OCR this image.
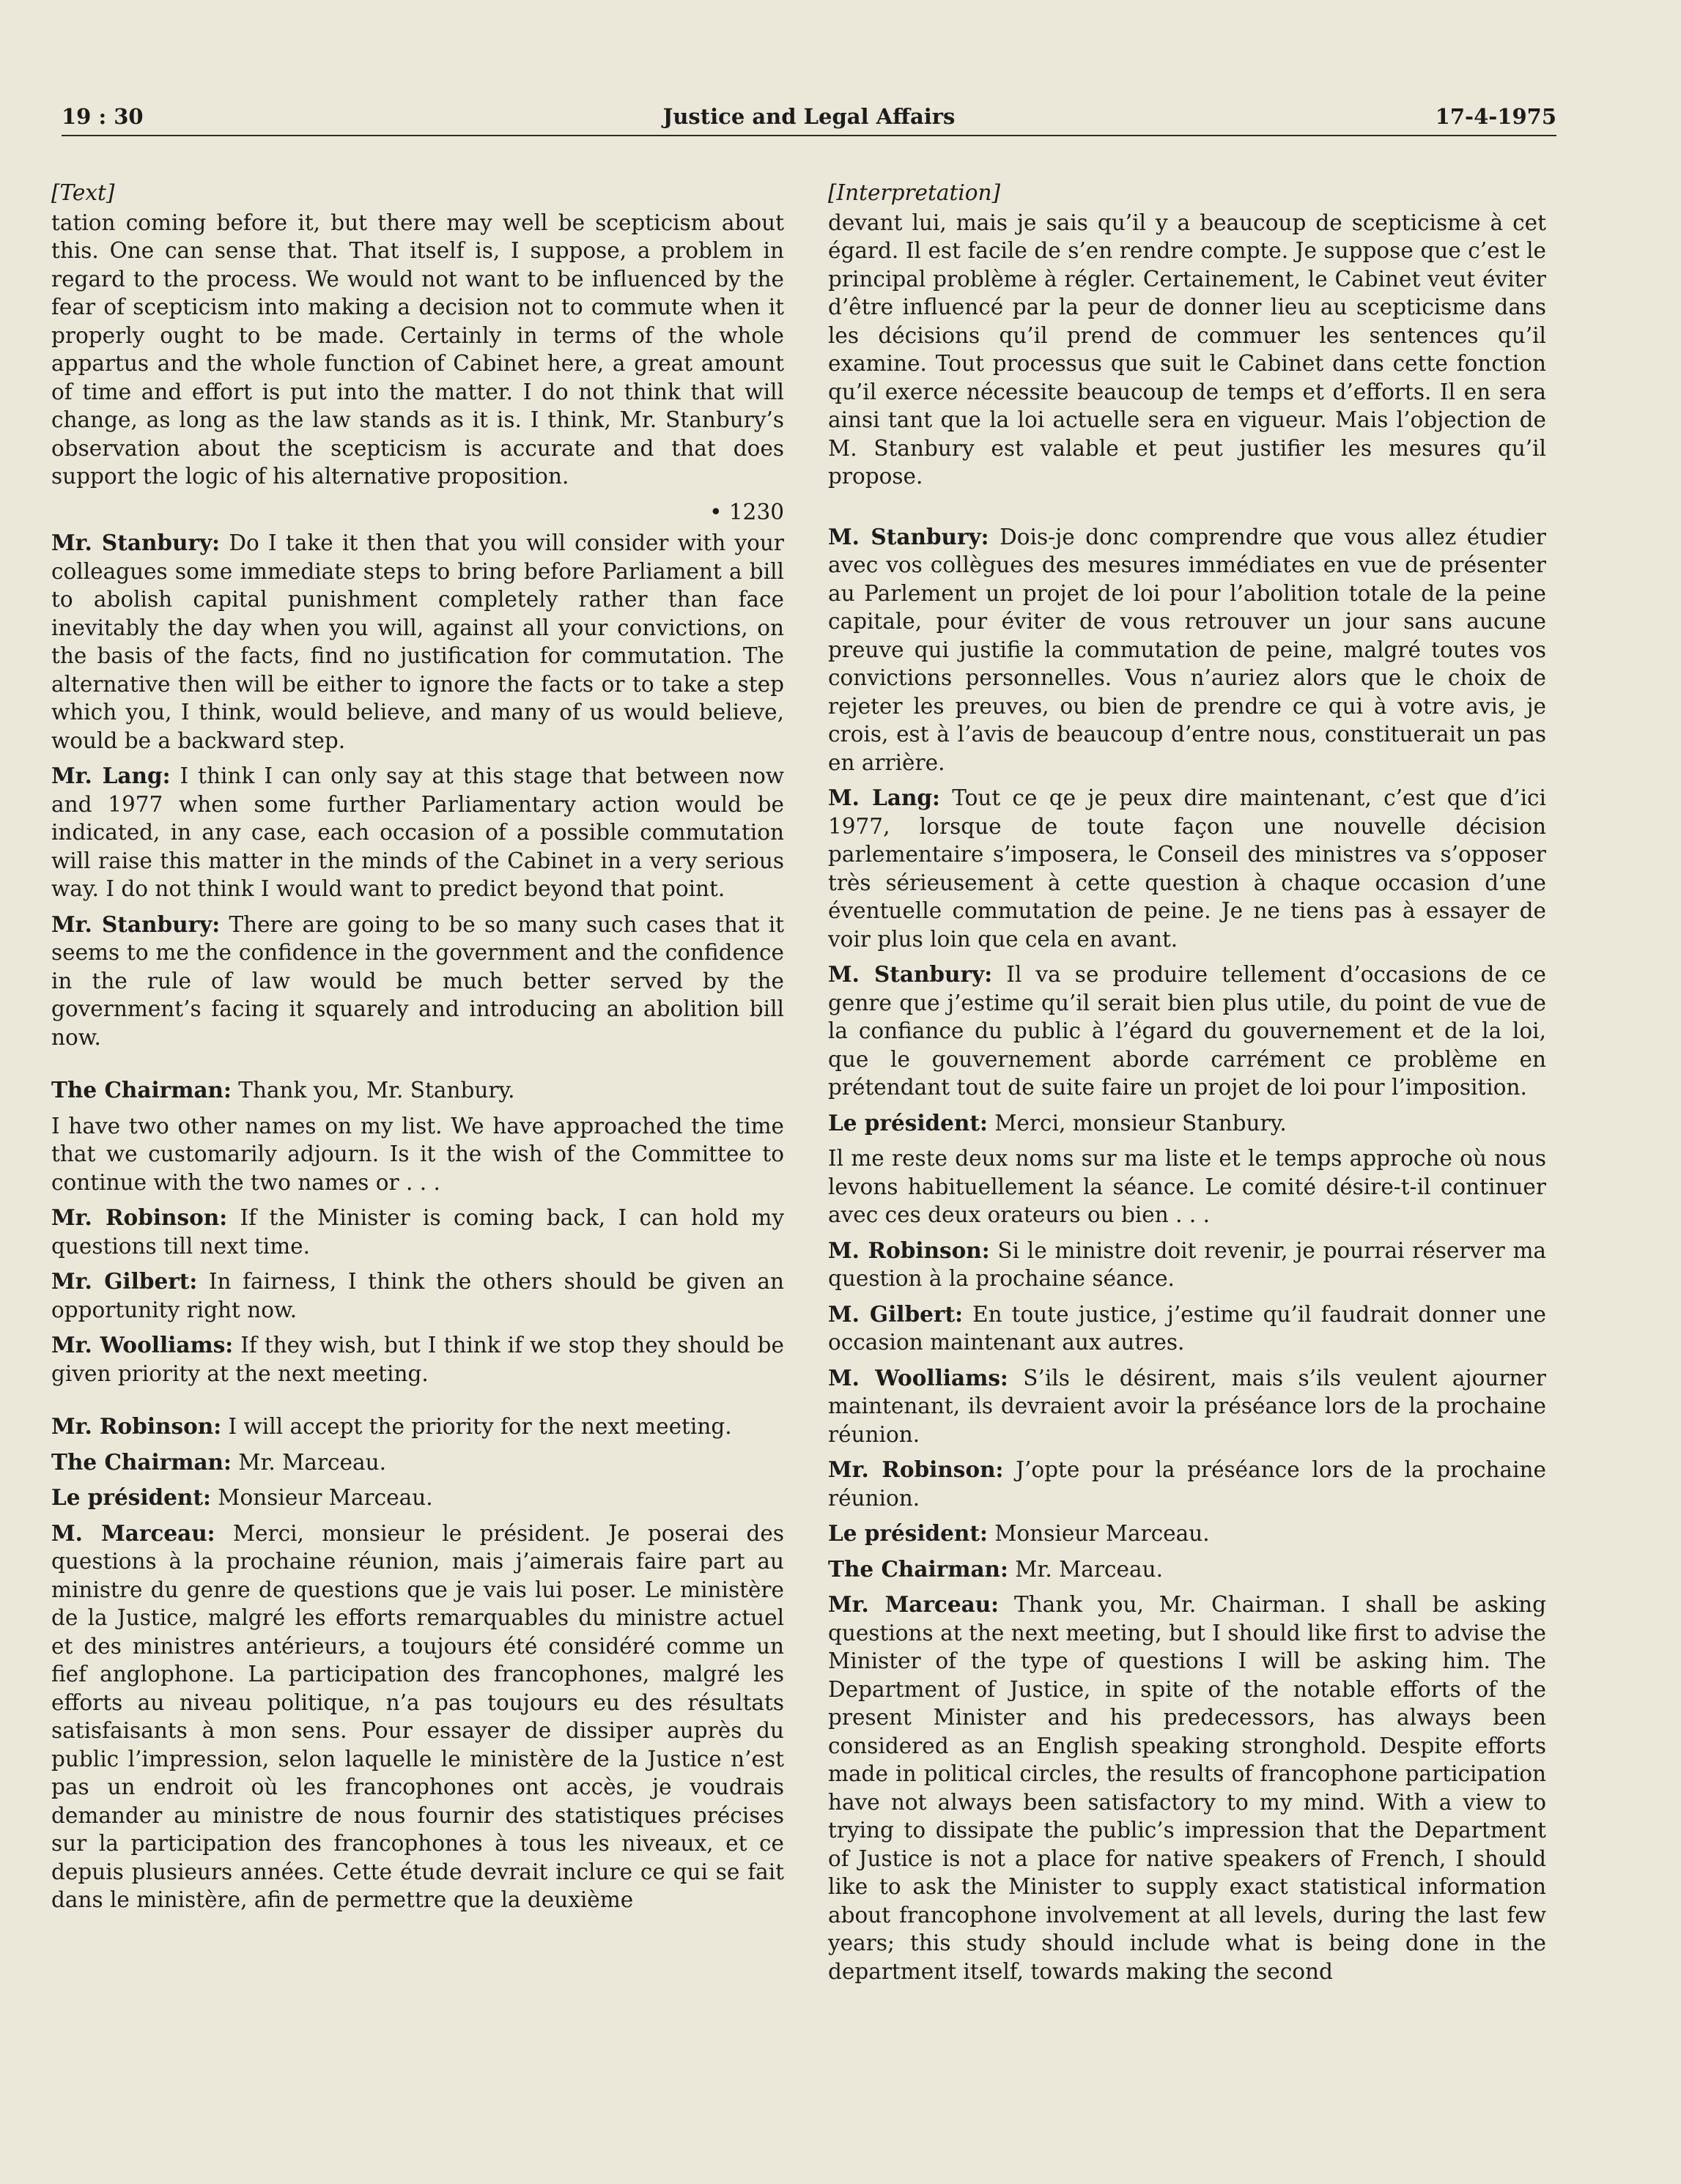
19 : 30	Justice and Legal Affairs	17-4-1975
[Text]

tation coming before it, but there may well be scepticism about this. One can sense that. That itself is, I suppose, a problem in regard to the process. We would not want to be influenced by the fear of scepticism into making a decision not to commute when it properly ought to be made. Certainly in terms of the whole appartus and the whole function of Cabinet here, a great amount of time and effort is put into the matter. I do not think that will change, as long as the law stands as it is. I think, Mr. Stanbury’s observation about the scepticism is accurate and that does support the logic of his alternative proposition.

• 1230

Mr. Stanbury: Do I take it then that you will consider with your colleagues some immediate steps to bring before Parliament a bill to abolish capital punishment completely rather than face inevitably the day when you will, against all your convictions, on the basis of the facts, find no justification for commutation. The alternative then will be either to ignore the facts or to take a step which you, I think, would believe, and many of us would believe, would be a backward step.

Mr. Lang: I think I can only say at this stage that between now and 1977 when some further Parliamentary action would be indicated, in any case, each occasion of a possible commutation will raise this matter in the minds of the Cabinet in a very serious way. I do not think I would want to predict beyond that point.

Mr. Stanbury: There are going to be so many such cases that it seems to me the confidence in the government and the confidence in the rule of law would be much better served by the government’s facing it squarely and introducing an abolition bill now.

The Chairman: Thank you, Mr. Stanbury.

I have two other names on my list. We have approached the time that we customarily adjourn. Is it the wish of the Committee to continue with the two names or . . .

Mr. Robinson: If the Minister is coming back, I can hold my questions till next time.

Mr. Gilbert: In fairness, I think the others should be given an opportunity right now.

Mr. Woolliams: If they wish, but I think if we stop they should be given priority at the next meeting.

Mr. Robinson: I will accept the priority for the next meeting.

The Chairman: Mr. Marceau.

Le président: Monsieur Marceau.

M. Marceau: Merci, monsieur le président. Je poserai des questions à la prochaine réunion, mais j’aimerais faire part au ministre du genre de questions que je vais lui poser. Le ministère de la Justice, malgré les efforts remarquables du ministre actuel et des ministres antérieurs, a toujours été considéré comme un fief anglophone. La participation des francophones, malgré les efforts au niveau politique, n’a pas toujours eu des résultats satisfaisants à mon sens. Pour essayer de dissiper auprès du public l’impression, selon laquelle le ministère de la Justice n’est pas un endroit où les francophones ont accès, je voudrais demander au ministre de nous fournir des statistiques précises sur la participation des francophones à tous les niveaux, et ce depuis plusieurs années. Cette étude devrait inclure ce qui se fait dans le ministère, afin de permettre que la deuxième

[Interpretation]

devant lui, mais je sais qu’il y a beaucoup de scepticisme à cet égard. Il est facile de s’en rendre compte. Je suppose que c’est le principal problème à régler. Certainement, le Cabinet veut éviter d’être influencé par la peur de donner lieu au scepticisme dans les décisions qu’il prend de commuer les sentences qu’il examine. Tout processus que suit le Cabinet dans cette fonction qu’il exerce nécessite beaucoup de temps et d’efforts. Il en sera ainsi tant que la loi actuelle sera en vigueur. Mais l’objection de M. Stanbury est valable et peut justifier les mesures qu’il propose.

M. Stanbury: Dois-je donc comprendre que vous allez étudier avec vos collègues des mesures immédiates en vue de présenter au Parlement un projet de loi pour l’abolition totale de la peine capitale, pour éviter de vous retrouver un jour sans aucune preuve qui justifie la commutation de peine, malgré toutes vos convictions personnelles. Vous n’auriez alors que le choix de rejeter les preuves, ou bien de prendre ce qui à votre avis, je crois, est à l’avis de beaucoup d’entre nous, constituerait un pas en arrière.

M. Lang: Tout ce qe je peux dire maintenant, c’est que d’ici 1977, lorsque de toute façon une nouvelle décision parlementaire s’imposera, le Conseil des ministres va s’opposer très sérieusement à cette question à chaque occasion d’une éventuelle commutation de peine. Je ne tiens pas à essayer de voir plus loin que cela en avant.

M. Stanbury: Il va se produire tellement d’occasions de ce genre que j’estime qu’il serait bien plus utile, du point de vue de la confiance du public à l’égard du gouvernement et de la loi, que le gouvernement aborde carrément ce problème en prétendant tout de suite faire un projet de loi pour l’imposition.

Le président: Merci, monsieur Stanbury.

Il me reste deux noms sur ma liste et le temps approche où nous levons habituellement la séance. Le comité désire-t-il continuer avec ces deux orateurs ou bien . . .

M. Robinson: Si le ministre doit revenir, je pourrai réserver ma question à la prochaine séance.

M. Gilbert: En toute justice, j’estime qu’il faudrait donner une occasion maintenant aux autres.

M. Woolliams: S’ils le désirent, mais s’ils veulent ajourner maintenant, ils devraient avoir la préséance lors de la prochaine réunion.

Mr. Robinson: J’opte pour la préséance lors de la prochaine réunion.

Le président: Monsieur Marceau.

The Chairman: Mr. Marceau.

Mr. Marceau: Thank you, Mr. Chairman. I shall be asking questions at the next meeting, but I should like first to advise the Minister of the type of questions I will be asking him. The Department of Justice, in spite of the notable efforts of the present Minister and his predecessors, has always been considered as an English speaking stronghold. Despite efforts made in political circles, the results of francophone participation have not always been satisfactory to my mind. With a view to trying to dissipate the public’s impression that the Department of Justice is not a place for native speakers of French, I should like to ask the Minister to supply exact statistical information about francophone involvement at all levels, during the last few years; this study should include what is being done in the department itself, towards making the second
